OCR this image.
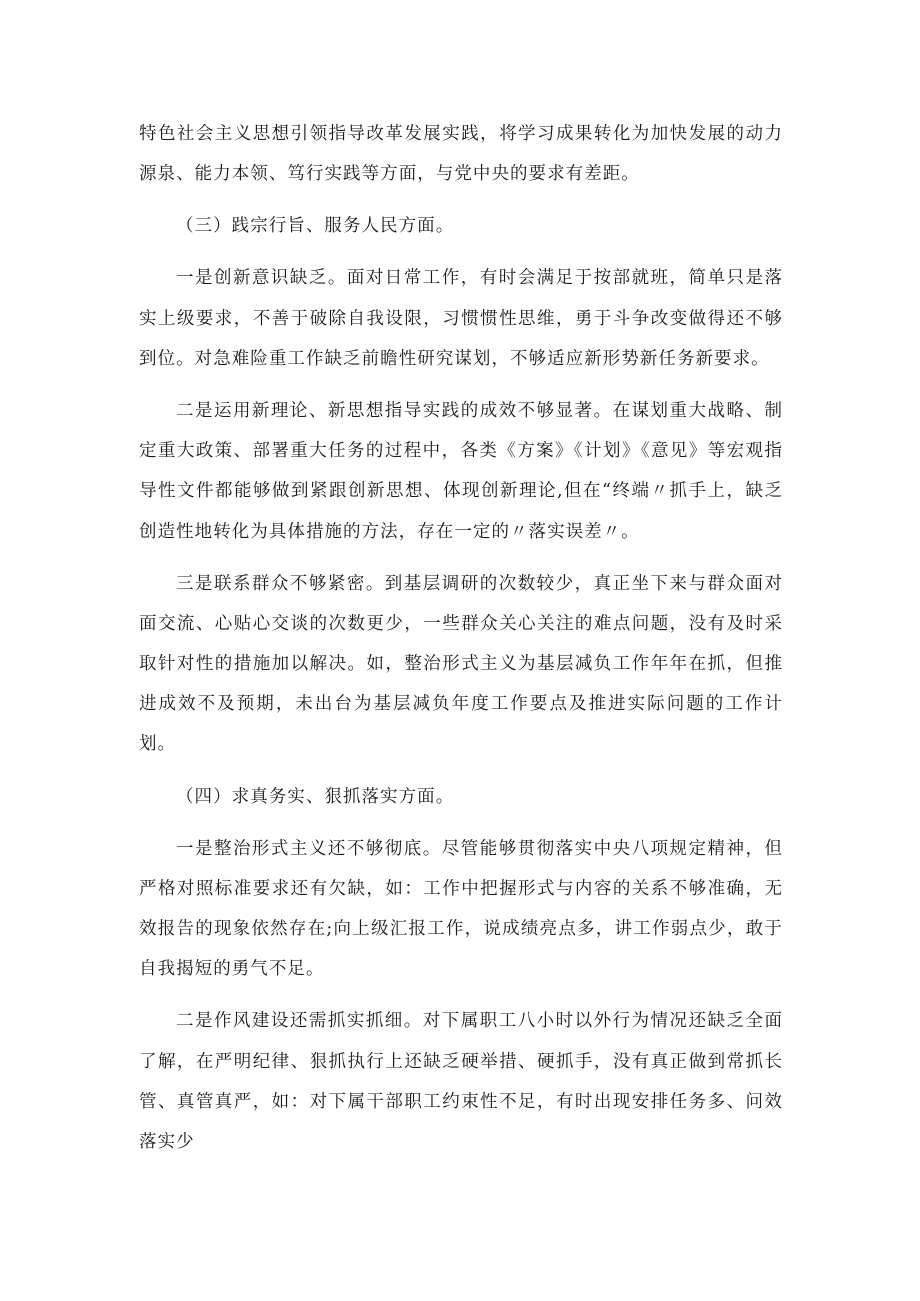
特色社会主义思想引领指导改革发展实践，将学习成果转化为加快发展的动力源泉、能力本领、笃行实践等方面，与党中央的要求有差距。

（三）践宗行旨、服务人民方面。

一是创新意识缺乏。面对日常工作，有时会满足于按部就班，简单只是落实上级要求，不善于破除自我设限，习惯惯性思维，勇于斗争改变做得还不够到位。对急难险重工作缺乏前瞻性研究谋划，不够适应新形势新任务新要求。

二是运用新理论、新思想指导实践的成效不够显著。在谋划重大战略、制定重大政策、部署重大任务的过程中，各类《方案》《计划》《意见》等宏观指导性文件都能够做到紧跟创新思想、体现创新理论,但在“终端〃抓手上，缺乏创造性地转化为具体措施的方法，存在一定的〃落实误差〃。

三是联系群众不够紧密。到基层调研的次数较少，真正坐下来与群众面对面交流、心贴心交谈的次数更少，一些群众关心关注的难点问题，没有及时采取针对性的措施加以解决。如，整治形式主义为基层减负工作年年在抓，但推进成效不及预期，未出台为基层减负年度工作要点及推进实际问题的工作计划。

（四）求真务实、狠抓落实方面。

一是整治形式主义还不够彻底。尽管能够贯彻落实中央八项规定精神，但严格对照标准要求还有欠缺，如：工作中把握形式与内容的关系不够准确，无效报告的现象依然存在;向上级汇报工作，说成绩亮点多，讲工作弱点少，敢于自我揭短的勇气不足。

二是作风建设还需抓实抓细。对下属职工八小时以外行为情况还缺乏全面了解，在严明纪律、狠抓执行上还缺乏硬举措、硬抓手，没有真正做到常抓长管、真管真严，如：对下属干部职工约束性不足，有时出现安排任务多、问效落实少
